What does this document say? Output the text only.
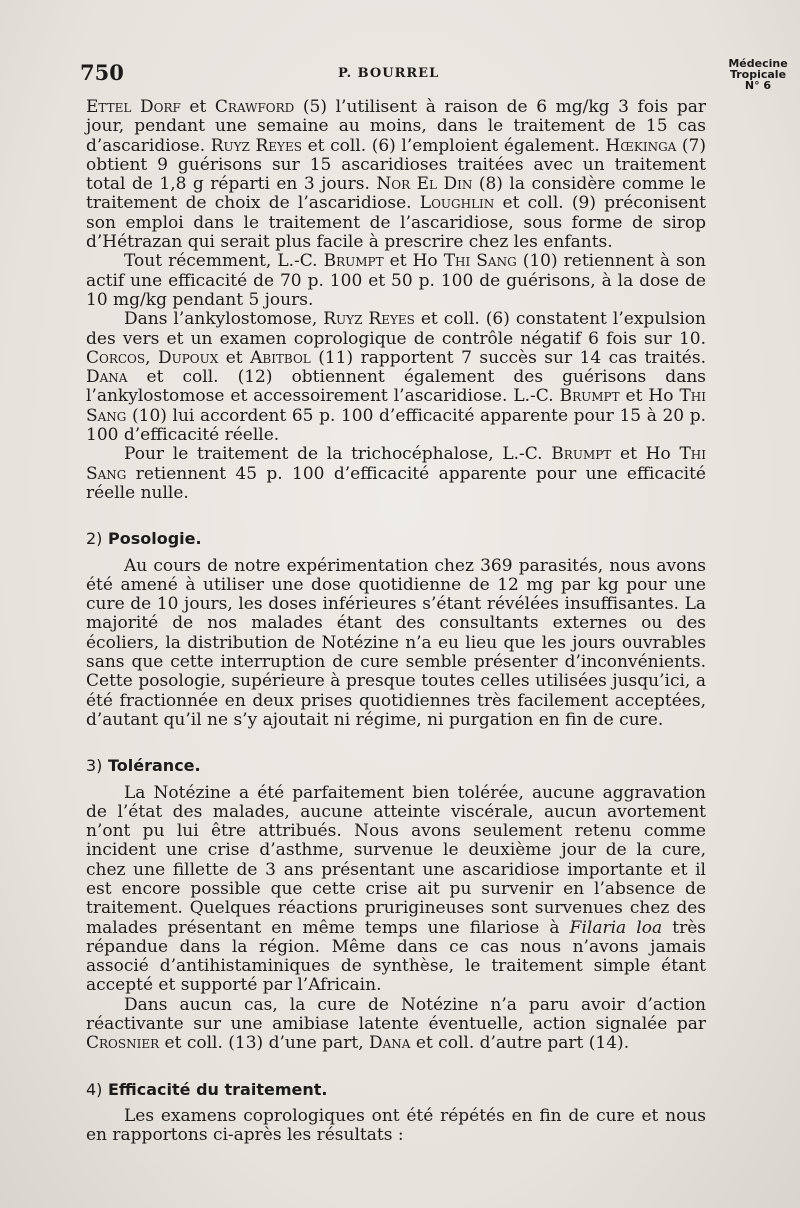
750	P. BOURREL
Médecine
Tropicale
N° 6

Ettel Dorf et Crawford (5) l’utilisent à raison de 6 mg/kg 3 fois par jour, pendant une semaine au moins, dans le traitement de 15 cas d’ascaridiose. Ruyz Reyes et coll. (6) l’emploient également. Hœkinga (7) obtient 9 guérisons sur 15 ascaridioses traitées avec un traitement total de 1,8 g réparti en 3 jours. Nor El Din (8) la considère comme le traitement de choix de l’ascaridiose. Loughlin et coll. (9) préconisent son emploi dans le traitement de l’ascaridiose, sous forme de sirop d’Hétrazan qui serait plus facile à prescrire chez les enfants.

Tout récemment, L.-C. Brumpt et Ho Thi Sang (10) retiennent à son actif une efficacité de 70 p. 100 et 50 p. 100 de guérisons, à la dose de 10 mg/kg pendant 5 jours.

Dans l’ankylostomose, Ruyz Reyes et coll. (6) constatent l’expulsion des vers et un examen coprologique de contrôle négatif 6 fois sur 10. Corcos, Dupoux et Abitbol (11) rapportent 7 succès sur 14 cas traités. Dana et coll. (12) obtiennent également des guérisons dans l’ankylostomose et accessoirement l’ascaridiose. L.-C. Brumpt et Ho Thi Sang (10) lui accordent 65 p. 100 d’efficacité apparente pour 15 à 20 p. 100 d’efficacité réelle.

Pour le traitement de la trichocéphalose, L.-C. Brumpt et Ho Thi Sang retiennent 45 p. 100 d’efficacité apparente pour une efficacité réelle nulle.

2) Posologie.

Au cours de notre expérimentation chez 369 parasités, nous avons été amené à utiliser une dose quotidienne de 12 mg par kg pour une cure de 10 jours, les doses inférieures s’étant révélées insuffisantes. La majorité de nos malades étant des consultants externes ou des écoliers, la distribution de Notézine n’a eu lieu que les jours ouvrables sans que cette interruption de cure semble présenter d’inconvénients. Cette posologie, supérieure à presque toutes celles utilisées jusqu’ici, a été fractionnée en deux prises quotidiennes très facilement acceptées, d’autant qu’il ne s’y ajoutait ni régime, ni purgation en fin de cure.

3) Tolérance.

La Notézine a été parfaitement bien tolérée, aucune aggravation de l’état des malades, aucune atteinte viscérale, aucun avortement n’ont pu lui être attribués. Nous avons seulement retenu comme incident une crise d’asthme, survenue le deuxième jour de la cure, chez une fillette de 3 ans présentant une ascaridiose importante et il est encore possible que cette crise ait pu survenir en l’absence de traitement. Quelques réactions prurigineuses sont survenues chez des malades présentant en même temps une filariose à Filaria loa très répandue dans la région. Même dans ce cas nous n’avons jamais associé d’antihistaminiques de synthèse, le traitement simple étant accepté et supporté par l’Africain.

Dans aucun cas, la cure de Notézine n’a paru avoir d’action réactivante sur une amibiase latente éventuelle, action signalée par Crosnier et coll. (13) d’une part, Dana et coll. d’autre part (14).

4) Efficacité du traitement.

Les examens coprologiques ont été répétés en fin de cure et nous en rapportons ci-après les résultats :
